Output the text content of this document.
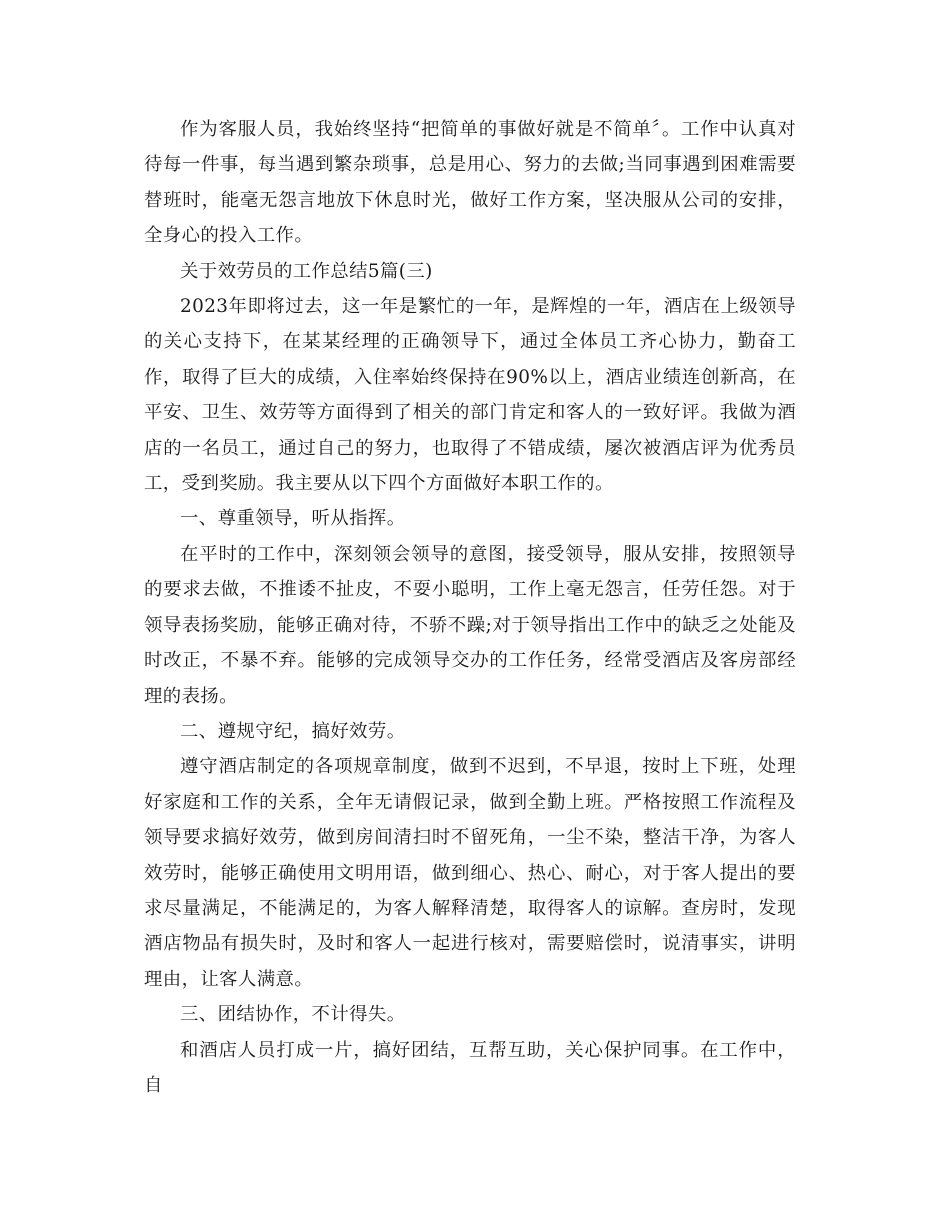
作为客服人员，我始终坚持“把简单的事做好就是不简单〞。工作中认真对待每一件事，每当遇到繁杂琐事，总是用心、努力的去做;当同事遇到困难需要替班时，能毫无怨言地放下休息时光，做好工作方案，坚决服从公司的安排，全身心的投入工作。

关于效劳员的工作总结5篇(三)

2023年即将过去，这一年是繁忙的一年，是辉煌的一年，酒店在上级领导的关心支持下，在某某经理的正确领导下，通过全体员工齐心协力，勤奋工作，取得了巨大的成绩，入住率始终保持在90%以上，酒店业绩连创新高，在平安、卫生、效劳等方面得到了相关的部门肯定和客人的一致好评。我做为酒店的一名员工，通过自己的努力，也取得了不错成绩，屡次被酒店评为优秀员工，受到奖励。我主要从以下四个方面做好本职工作的。

一、尊重领导，听从指挥。

在平时的工作中，深刻领会领导的意图，接受领导，服从安排，按照领导的要求去做，不推诿不扯皮，不耍小聪明，工作上毫无怨言，任劳任怨。对于领导表扬奖励，能够正确对待，不骄不躁;对于领导指出工作中的缺乏之处能及时改正，不暴不弃。能够的完成领导交办的工作任务，经常受酒店及客房部经理的表扬。

二、遵规守纪，搞好效劳。

遵守酒店制定的各项规章制度，做到不迟到，不早退，按时上下班，处理好家庭和工作的关系，全年无请假记录，做到全勤上班。严格按照工作流程及领导要求搞好效劳，做到房间清扫时不留死角，一尘不染，整洁干净，为客人效劳时，能够正确使用文明用语，做到细心、热心、耐心，对于客人提出的要求尽量满足，不能满足的，为客人解释清楚，取得客人的谅解。查房时，发现酒店物品有损失时，及时和客人一起进行核对，需要赔偿时，说清事实，讲明理由，让客人满意。

三、团结协作，不计得失。

和酒店人员打成一片，搞好团结，互帮互助，关心保护同事。在工作中，自
